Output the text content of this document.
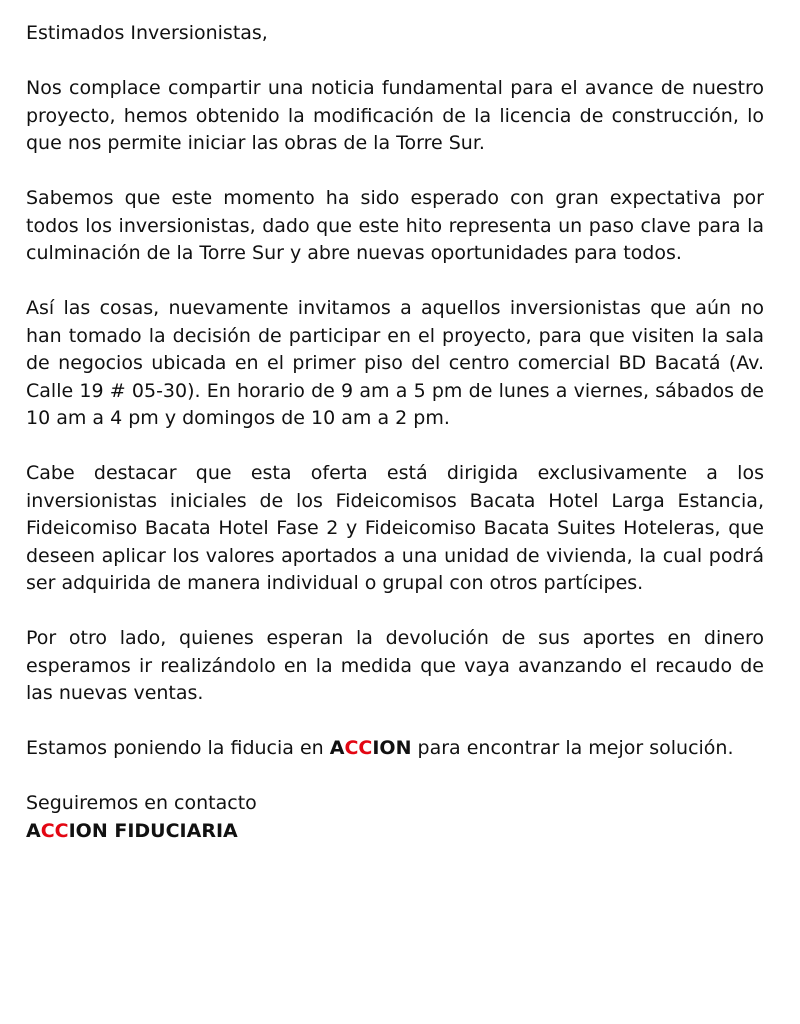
Estimados Inversionistas,

Nos complace compartir una noticia fundamental para el avance de nuestro proyecto, hemos obtenido la modificación de la licencia de construcción, lo que nos permite iniciar las obras de la Torre Sur.

Sabemos que este momento ha sido esperado con gran expectativa por todos los inversionistas, dado que este hito representa un paso clave para la culminación de la Torre Sur y abre nuevas oportunidades para todos.

Así las cosas, nuevamente invitamos a aquellos inversionistas que aún no han tomado la decisión de participar en el proyecto, para que visiten la sala de negocios ubicada en el primer piso del centro comercial BD Bacatá (Av. Calle 19 # 05-30). En horario de 9 am a 5 pm de lunes a viernes, sábados de 10 am a 4 pm y domingos de 10 am a 2 pm.

Cabe destacar que esta oferta está dirigida exclusivamente a los inversionistas iniciales de los Fideicomisos Bacata Hotel Larga Estancia, Fideicomiso Bacata Hotel Fase 2 y Fideicomiso Bacata Suites Hoteleras, que deseen aplicar los valores aportados a una unidad de vivienda, la cual podrá ser adquirida de manera individual o grupal con otros partícipes.

Por otro lado, quienes esperan la devolución de sus aportes en dinero esperamos ir realizándolo en la medida que vaya avanzando el recaudo de las nuevas ventas.

Estamos poniendo la fiducia en ACCION para encontrar la mejor solución.

Seguiremos en contacto
ACCION FIDUCIARIA
